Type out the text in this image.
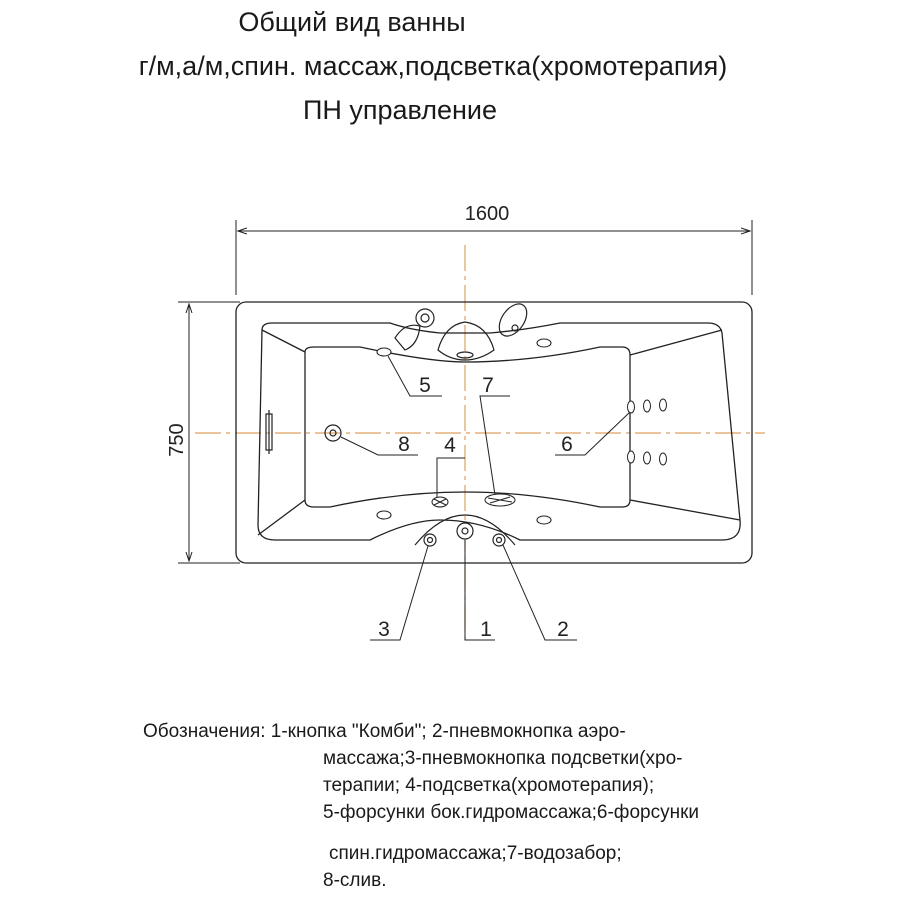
Общий вид ванны
г/м,а/м,спин. массаж,подсветка(хромотерапия)
ПН управление
1600
750
1	2
3
4
5
6
7
8
Обозначения: 1-кнопка "Комби"; 2-пневмокнопка аэро-
массажа;3-пневмокнопка подсветки(хро-
терапии; 4-подсветка(хромотерапия);
5-форсунки бок.гидромассажа;6-форсунки
спин.гидромассажа;7-водозабор;
8-слив.
